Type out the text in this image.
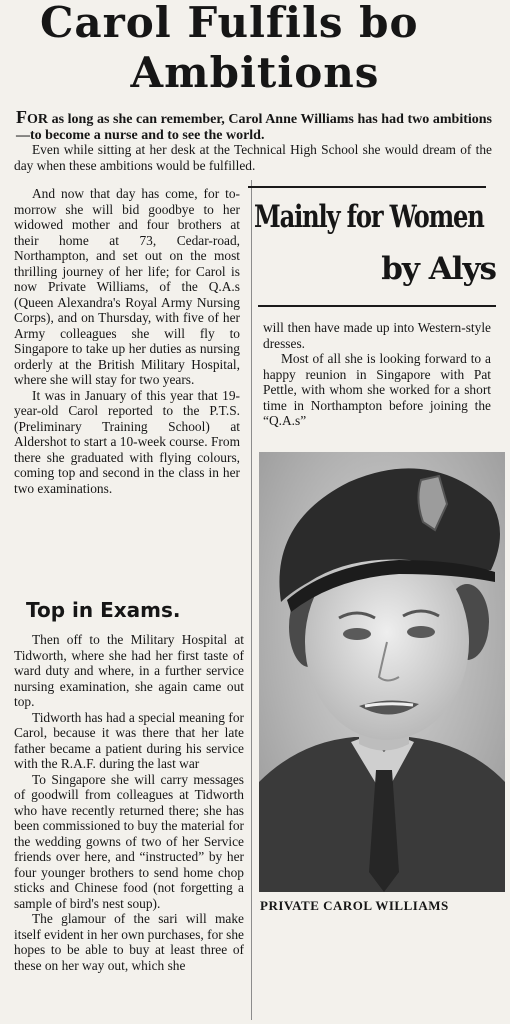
Carol Fulfils bo
Ambitions
FOR as long as she can remember, Carol Anne Williams has had two ambitions—to become a nurse and to see the world.

Even while sitting at her desk at the Technical High School she would dream of the day when these ambitions would be fulfilled.

And now that day has come, for to-morrow she will bid goodbye to her widowed mother and four brothers at their home at 73, Cedar-road, Northampton, and set out on the most thrilling journey of her life; for Carol is now Private Williams, of the Q.A.s (Queen Alexandra's Royal Army Nursing Corps), and on Thursday, with five of her Army colleagues she will fly to Singapore to take up her duties as nursing orderly at the British Military Hospital, where she will stay for two years.

It was in January of this year that 19-year-old Carol reported to the P.T.S. (Preliminary Training School) at Aldershot to start a 10-week course. From there she graduated with flying colours, coming top and second in the class in her two examinations.

Top in Exams.

Then off to the Military Hospital at Tidworth, where she had her first taste of ward duty and where, in a further service nursing examination, she again came out top.

Tidworth has had a special meaning for Carol, because it was there that her late father became a patient during his service with the R.A.F. during the last war

To Singapore she will carry messages of goodwill from colleagues at Tidworth who have recently returned there; she has been commissioned to buy the material for the wedding gowns of two of her Service friends over here, and “instructed” by her four younger brothers to send home chop sticks and Chinese food (not forgetting a sample of bird's nest soup).

The glamour of the sari will make itself evident in her own purchases, for she hopes to be able to buy at least three of these on her way out, which she

Mainly for Women
by Alys

will then have made up into Western-style dresses.

Most of all she is looking forward to a happy reunion in Singapore with Pat Pettle, with whom she worked for a short time in Northampton before joining the “Q.A.s”

PRIVATE CAROL WILLIAMS
